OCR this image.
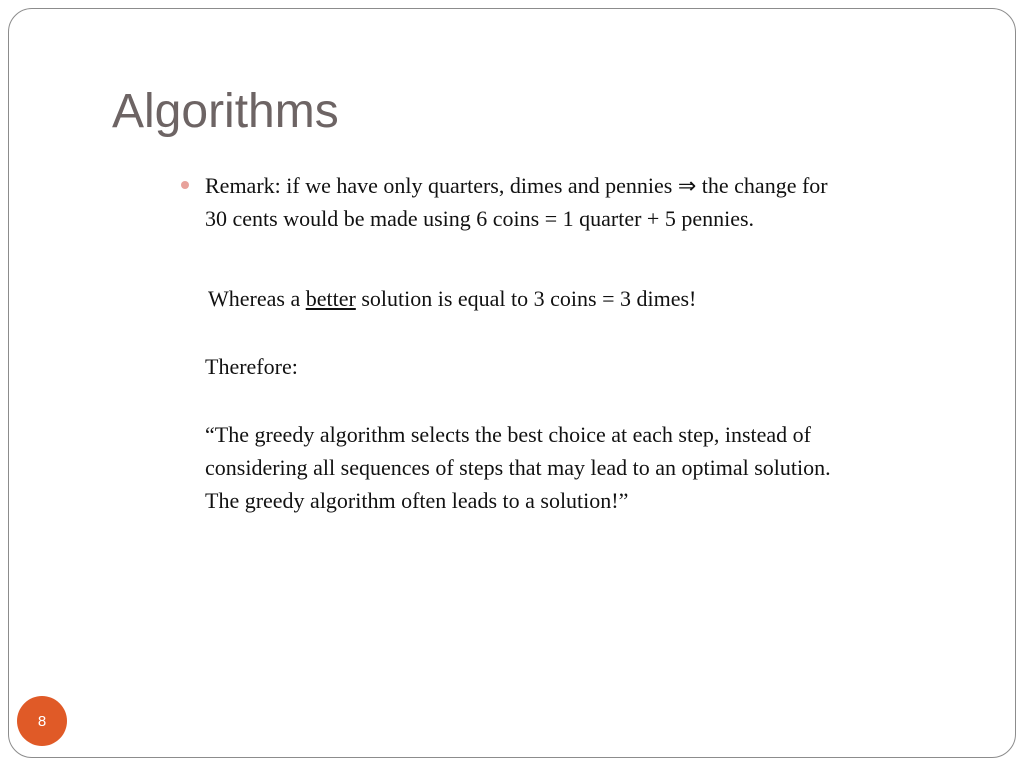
Algorithms
Remark: if we have only quarters, dimes and pennies ⇒ the change for
30 cents would be made using 6 coins = 1 quarter + 5 pennies.
Whereas a better solution is equal to 3 coins = 3 dimes!
Therefore:
“The greedy algorithm selects the best choice at each step, instead of
considering all sequences of steps that may lead to an optimal solution.
The greedy algorithm often leads to a solution!”
8
